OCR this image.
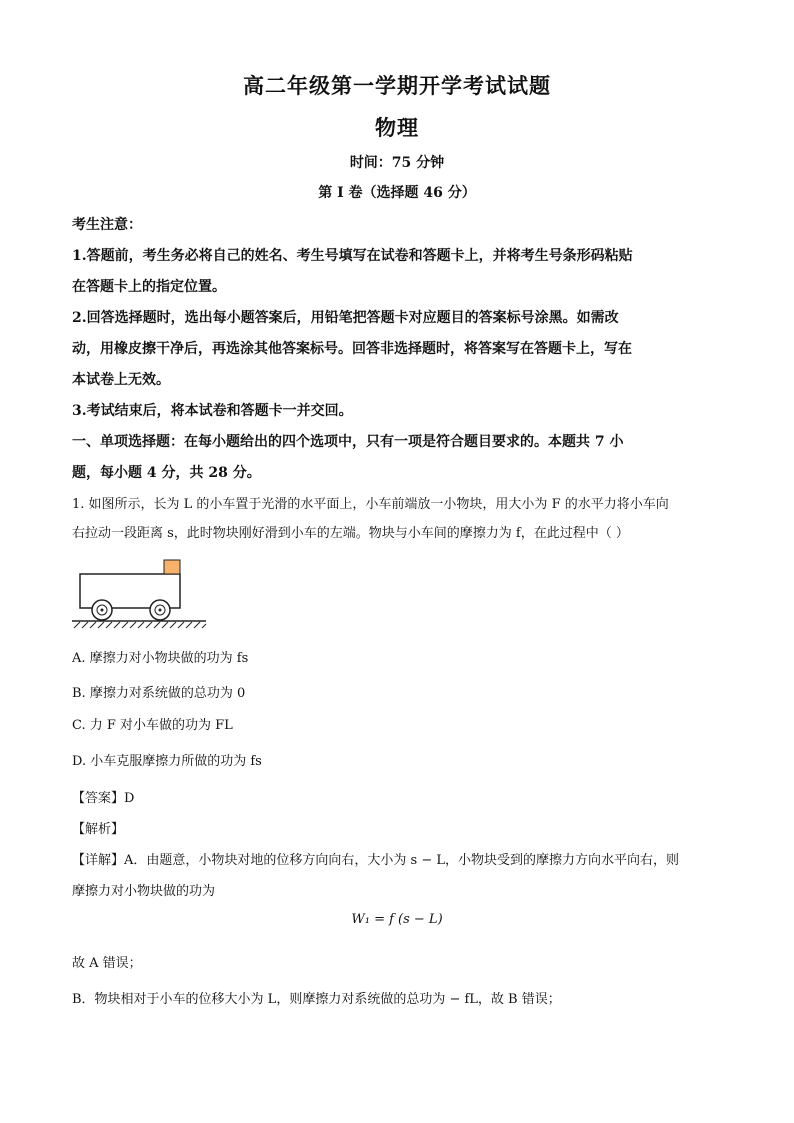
高二年级第一学期开学考试试题
物理
时间：75 分钟
第 I 卷（选择题 46 分）

考生注意：

1.答题前，考生务必将自己的姓名、考生号填写在试卷和答题卡上，并将考生号条形码粘贴

在答题卡上的指定位置。

2.回答选择题时，选出每小题答案后，用铅笔把答题卡对应题目的答案标号涂黑。如需改

动，用橡皮擦干净后，再选涂其他答案标号。回答非选择题时，将答案写在答题卡上，写在

本试卷上无效。

3.考试结束后，将本试卷和答题卡一并交回。

一、单项选择题：在每小题给出的四个选项中，只有一项是符合题目要求的。本题共 7 小

题，每小题 4 分，共 28 分。

1. 如图所示，长为 L 的小车置于光滑的水平面上，小车前端放一小物块，用大小为 F 的水平力将小车向

右拉动一段距离 s，此时物块刚好滑到小车的左端。物块与小车间的摩擦力为 f，在此过程中（ ）

A. 摩擦力对小物块做的功为 fs
B. 摩擦力对系统做的总功为 0
C. 力 F 对小车做的功为 FL
D. 小车克服摩擦力所做的功为 fs
【答案】D
【解析】
【详解】A．由题意，小物块对地的位移方向向右，大小为 s − L，小物块受到的摩擦力方向水平向右，则
摩擦力对小物块做的功为
W₁ = f (s − L)
故 A 错误；
B．物块相对于小车的位移大小为 L，则摩擦力对系统做的总功为 − fL，故 B 错误；
